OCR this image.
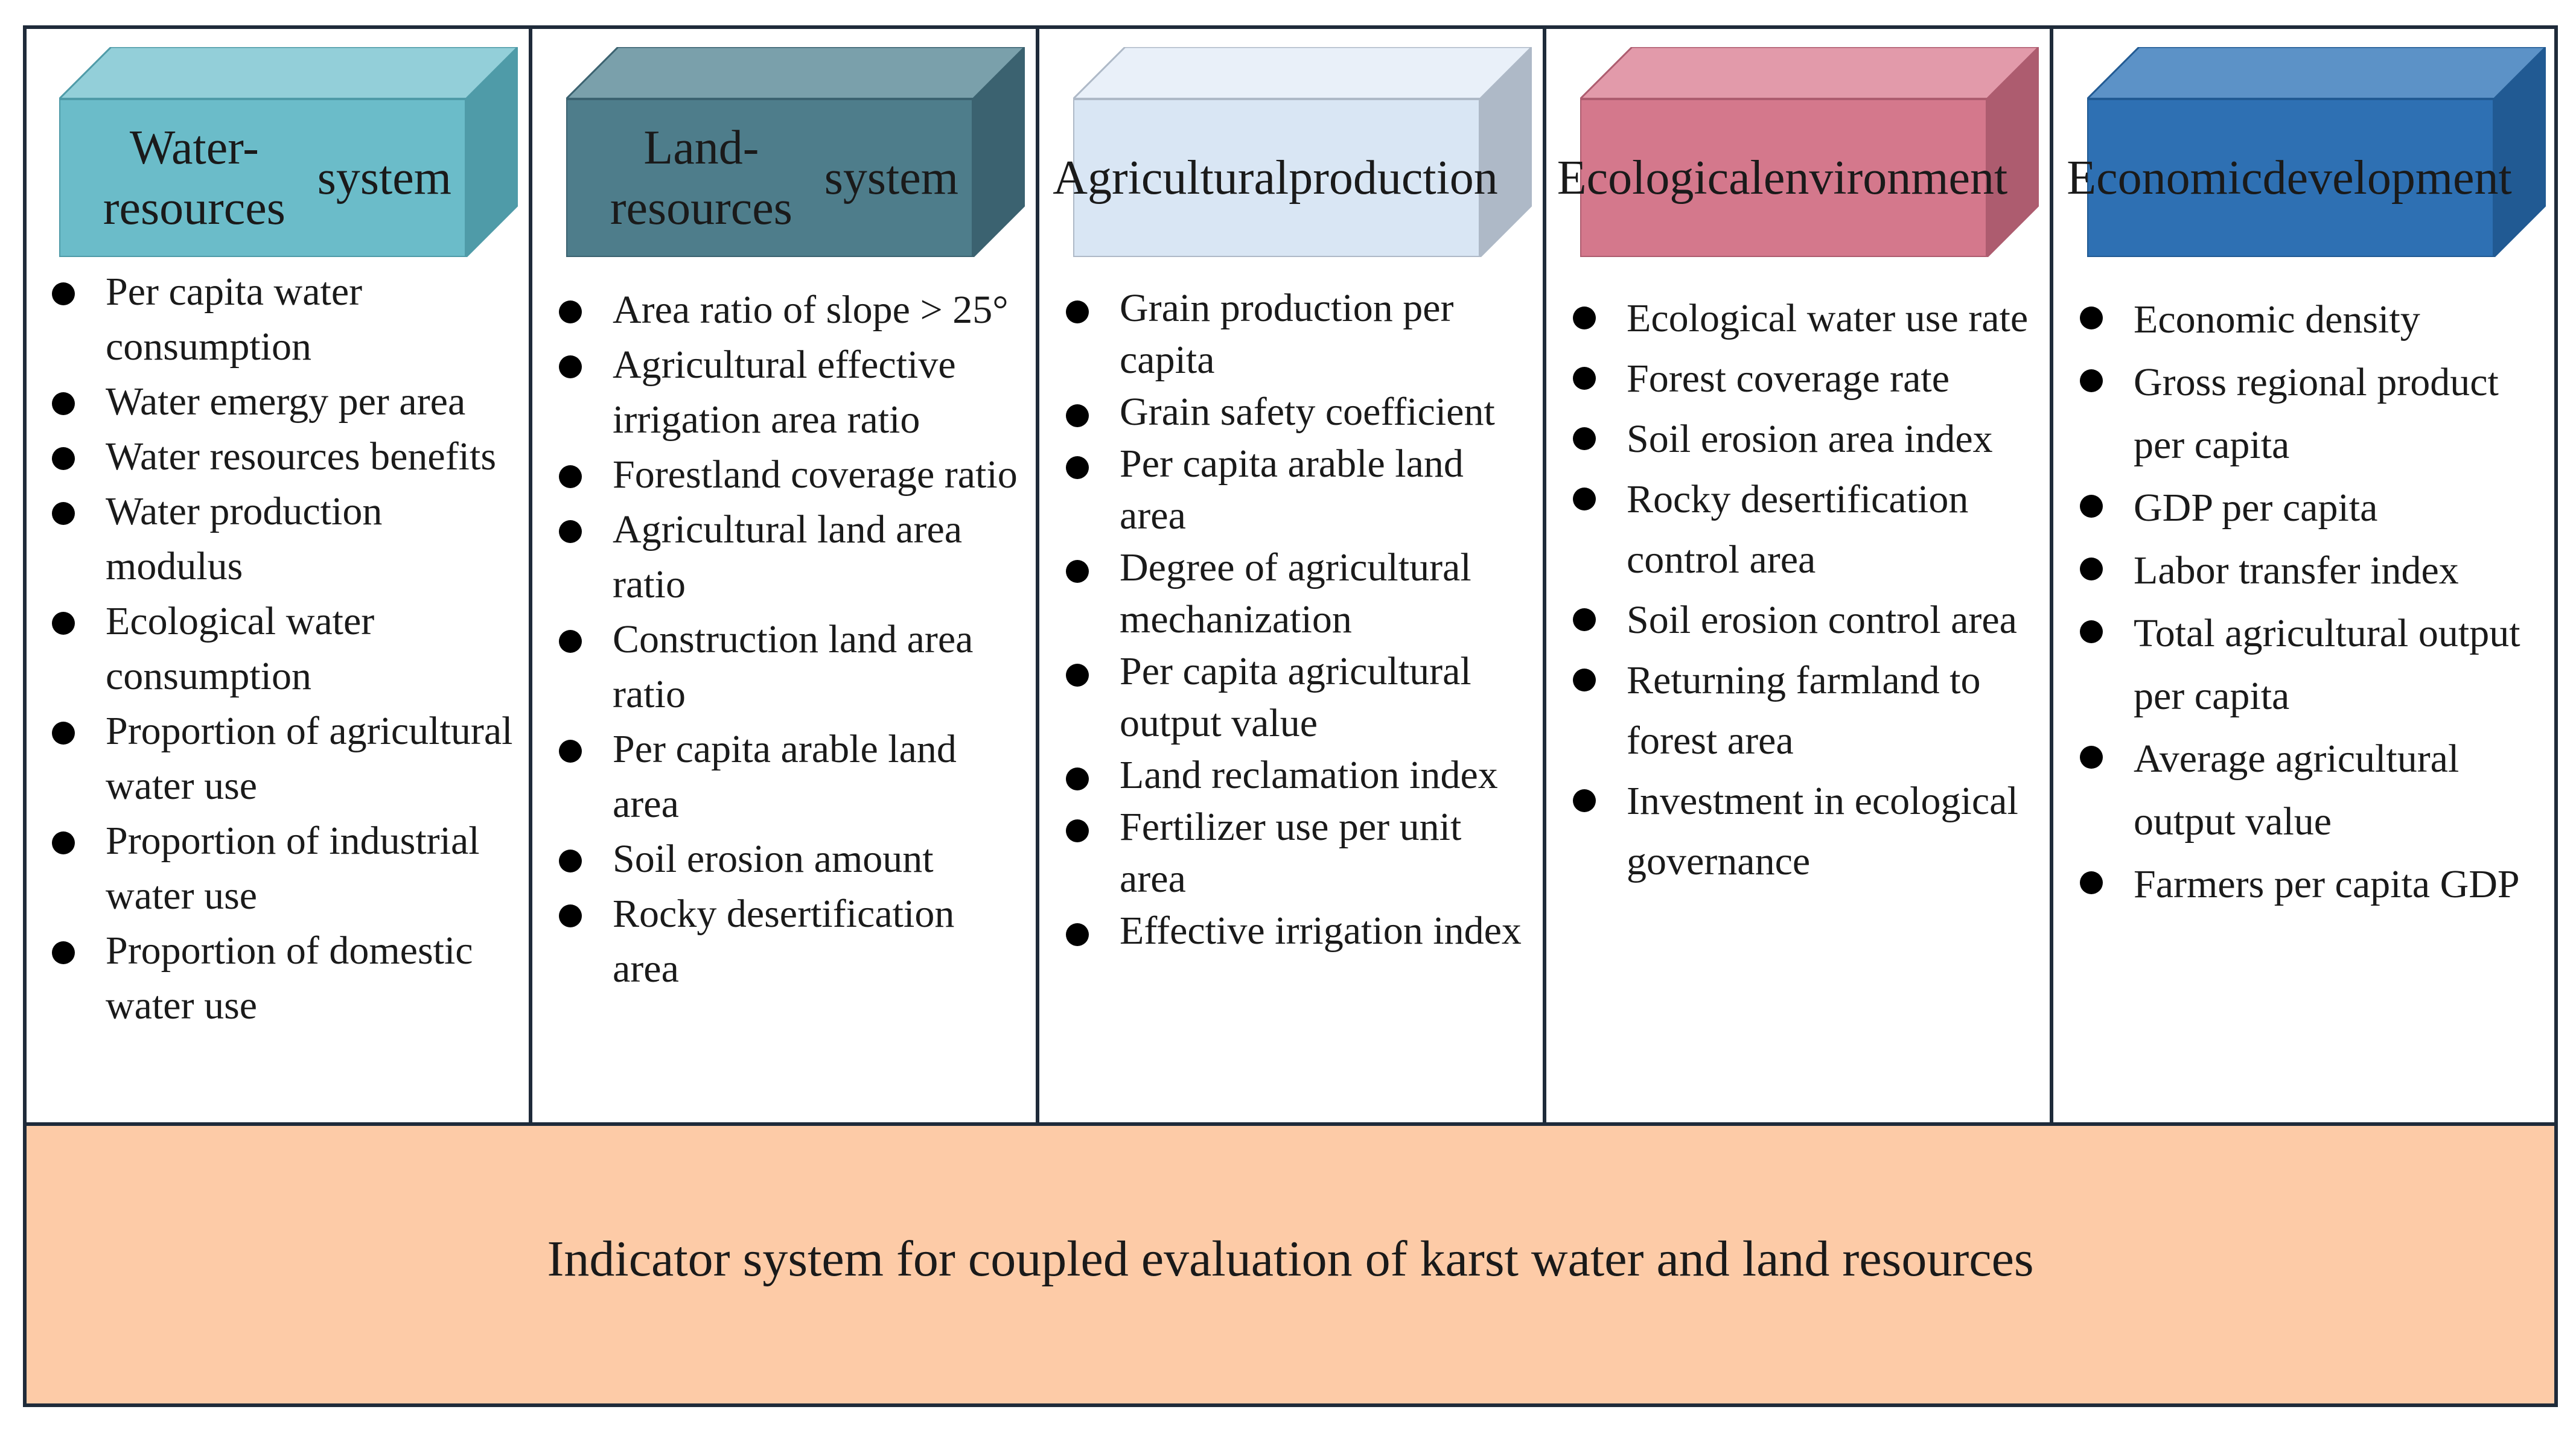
Water-resources

system
Per capita water consumption
Water emergy per area
Water resources benefits
Water production modulus
Ecological water consumption
Proportion of agricultural water use
Proportion of industrial water use
Proportion of domestic water use
Land-resources

system
Area ratio of slope > 25°
Agricultural effective irrigation area ratio
Forestland coverage ratio
Agricultural land area ratio
Construction land area ratio
Per capita arable land area
Soil erosion amount
Rocky desertification area
Agricultural production
Grain production per capita
Grain safety coefficient
Per capita arable land area
Degree of agricultural mechanization
Per capita agricultural output value
Land reclamation index
Fertilizer use per unit area
Effective irrigation index
Ecological environment
Ecological water use rate
Forest coverage rate
Soil erosion area index
Rocky desertification control area
Soil erosion control area
Returning farmland to forest area
Investment in ecological governance
Economic development
Economic density
Gross regional product per capita
GDP per capita
Labor transfer index
Total agricultural output per capita
Average agricultural output value
Farmers per capita GDP
Indicator system for coupled evaluation of karst water and land resources
